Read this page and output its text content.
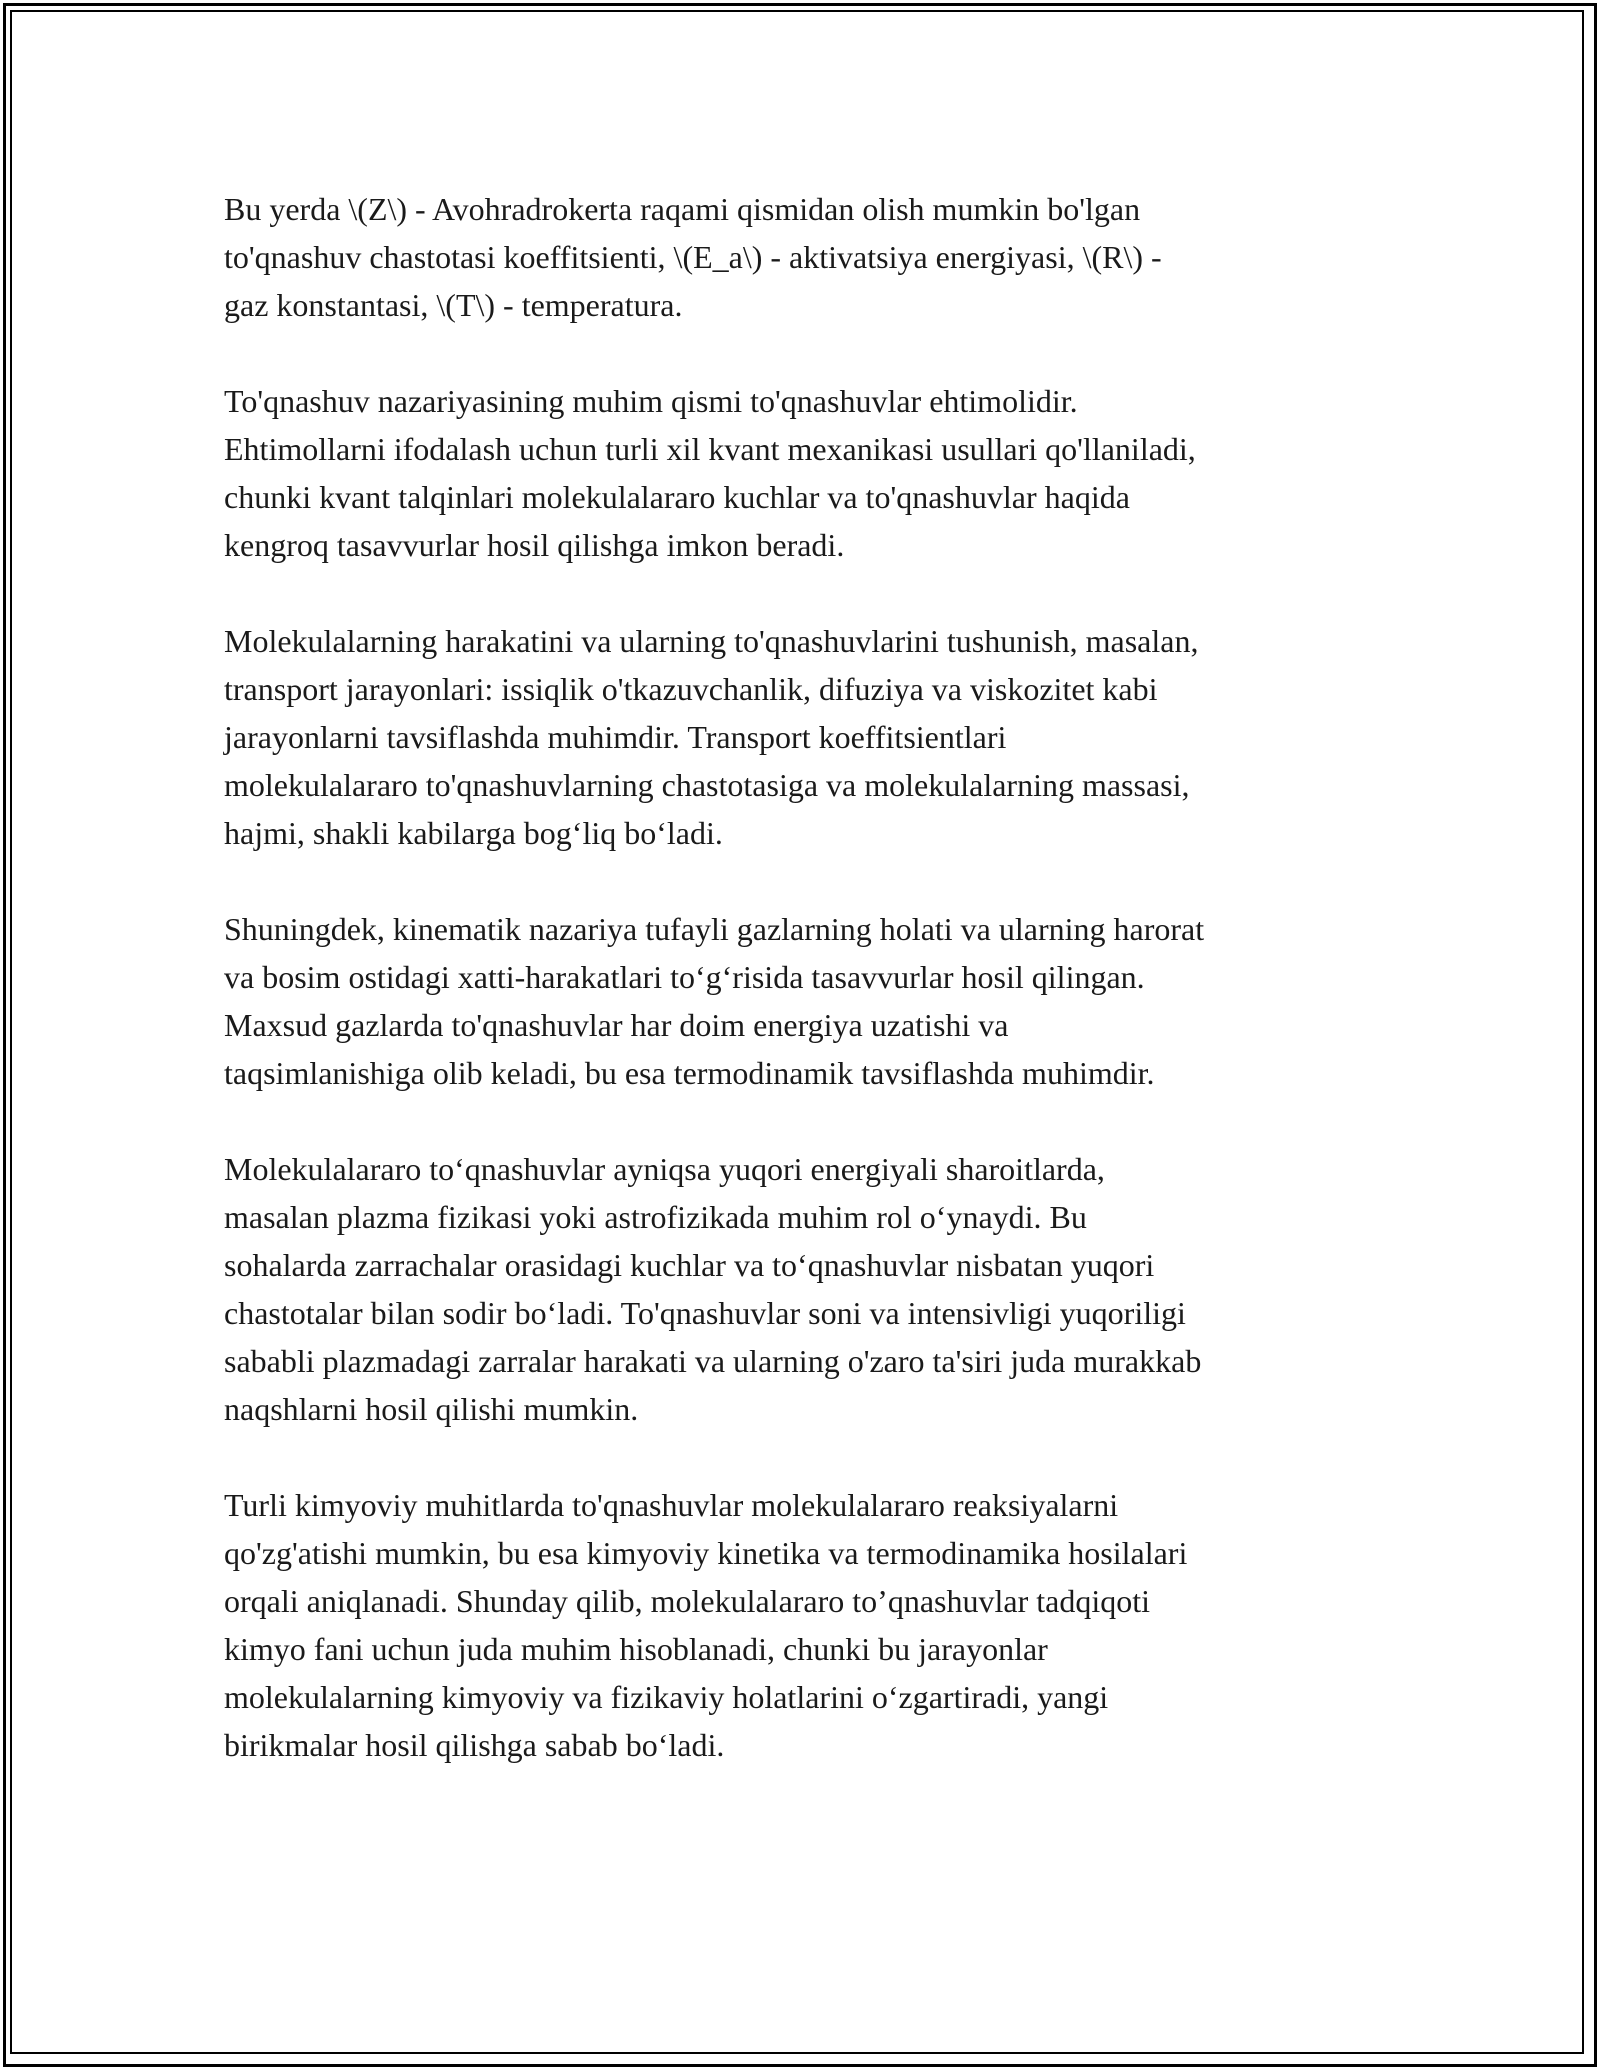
Bu yerda \(Z\) - Avohradrokerta raqami qismidan olish mumkin bo'lgan
to'qnashuv chastotasi koeffitsienti, \(E_a\) - aktivatsiya energiyasi, \(R\) -
gaz konstantasi, \(T\) - temperatura.

To'qnashuv nazariyasining muhim qismi to'qnashuvlar ehtimolidir.
Ehtimollarni ifodalash uchun turli xil kvant mexanikasi usullari qo'llaniladi,
chunki kvant talqinlari molekulalararo kuchlar va to'qnashuvlar haqida
kengroq tasavvurlar hosil qilishga imkon beradi.

Molekulalarning harakatini va ularning to'qnashuvlarini tushunish, masalan,
transport jarayonlari: issiqlik o'tkazuvchanlik, difuziya va viskozitet kabi
jarayonlarni tavsiflashda muhimdir. Transport koeffitsientlari
molekulalararo to'qnashuvlarning chastotasiga va molekulalarning massasi,
hajmi, shakli kabilarga bog‘liq bo‘ladi.

Shuningdek, kinematik nazariya tufayli gazlarning holati va ularning harorat
va bosim ostidagi xatti-harakatlari to‘g‘risida tasavvurlar hosil qilingan.
Maxsud gazlarda to'qnashuvlar har doim energiya uzatishi va
taqsimlanishiga olib keladi, bu esa termodinamik tavsiflashda muhimdir.

Molekulalararo to‘qnashuvlar ayniqsa yuqori energiyali sharoitlarda,
masalan plazma fizikasi yoki astrofizikada muhim rol o‘ynaydi. Bu
sohalarda zarrachalar orasidagi kuchlar va to‘qnashuvlar nisbatan yuqori
chastotalar bilan sodir bo‘ladi. To'qnashuvlar soni va intensivligi yuqoriligi
sababli plazmadagi zarralar harakati va ularning o'zaro ta'siri juda murakkab
naqshlarni hosil qilishi mumkin.

Turli kimyoviy muhitlarda to'qnashuvlar molekulalararo reaksiyalarni
qo'zg'atishi mumkin, bu esa kimyoviy kinetika va termodinamika hosilalari
orqali aniqlanadi. Shunday qilib, molekulalararo to’qnashuvlar tadqiqoti
kimyo fani uchun juda muhim hisoblanadi, chunki bu jarayonlar
molekulalarning kimyoviy va fizikaviy holatlarini o‘zgartiradi, yangi
birikmalar hosil qilishga sabab bo‘ladi.
